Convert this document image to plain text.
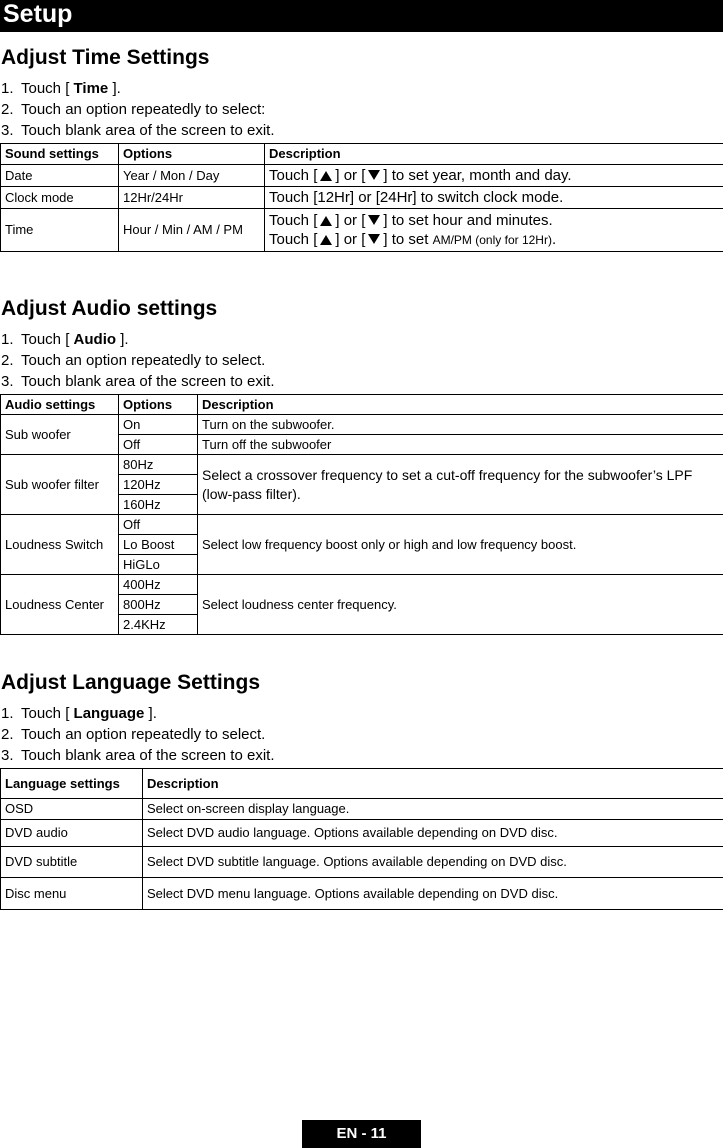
Setup
Adjust Time Settings
1. Touch [ Time ].
2. Touch an option repeatedly to select:
3. Touch blank area of the screen to exit.
Sound settings	Options	Description
Date	Year / Mon / Day	Touch [ ] or [ ] to set year, month and day.
Clock mode	12Hr/24Hr	Touch [12Hr] or [24Hr] to switch clock mode.
Time	Hour / Min / AM / PM	Touch [ ] or [ ] to set hour and minutes.
Touch [ ] or [ ] to set AM/PM (only for 12Hr).
Adjust Audio settings
1. Touch [ Audio ].
2. Touch an option repeatedly to select.
3. Touch blank area of the screen to exit.
Audio settings	Options	Description
Sub woofer	On	Turn on the subwoofer.
	Off	Turn off the subwoofer
Sub woofer filter	80Hz	Select a crossover frequency to set a cut-off frequency for the subwoofer’s LPF (low-pass filter).
	120Hz	
	160Hz	
Loudness Switch	Off	Select low frequency boost only or high and low frequency boost.
	Lo Boost	
	HiGLo	
Loudness Center	400Hz	Select loudness center frequency.
	800Hz	
	2.4KHz	
Adjust Language Settings
1. Touch [ Language ].
2. Touch an option repeatedly to select.
3. Touch blank area of the screen to exit.
Language settings	Description
OSD	Select on-screen display language.
DVD audio	Select DVD audio language. Options available depending on DVD disc.
DVD subtitle	Select DVD subtitle language. Options available depending on DVD disc.
Disc menu	Select DVD menu language. Options available depending on DVD disc.
EN - 11
